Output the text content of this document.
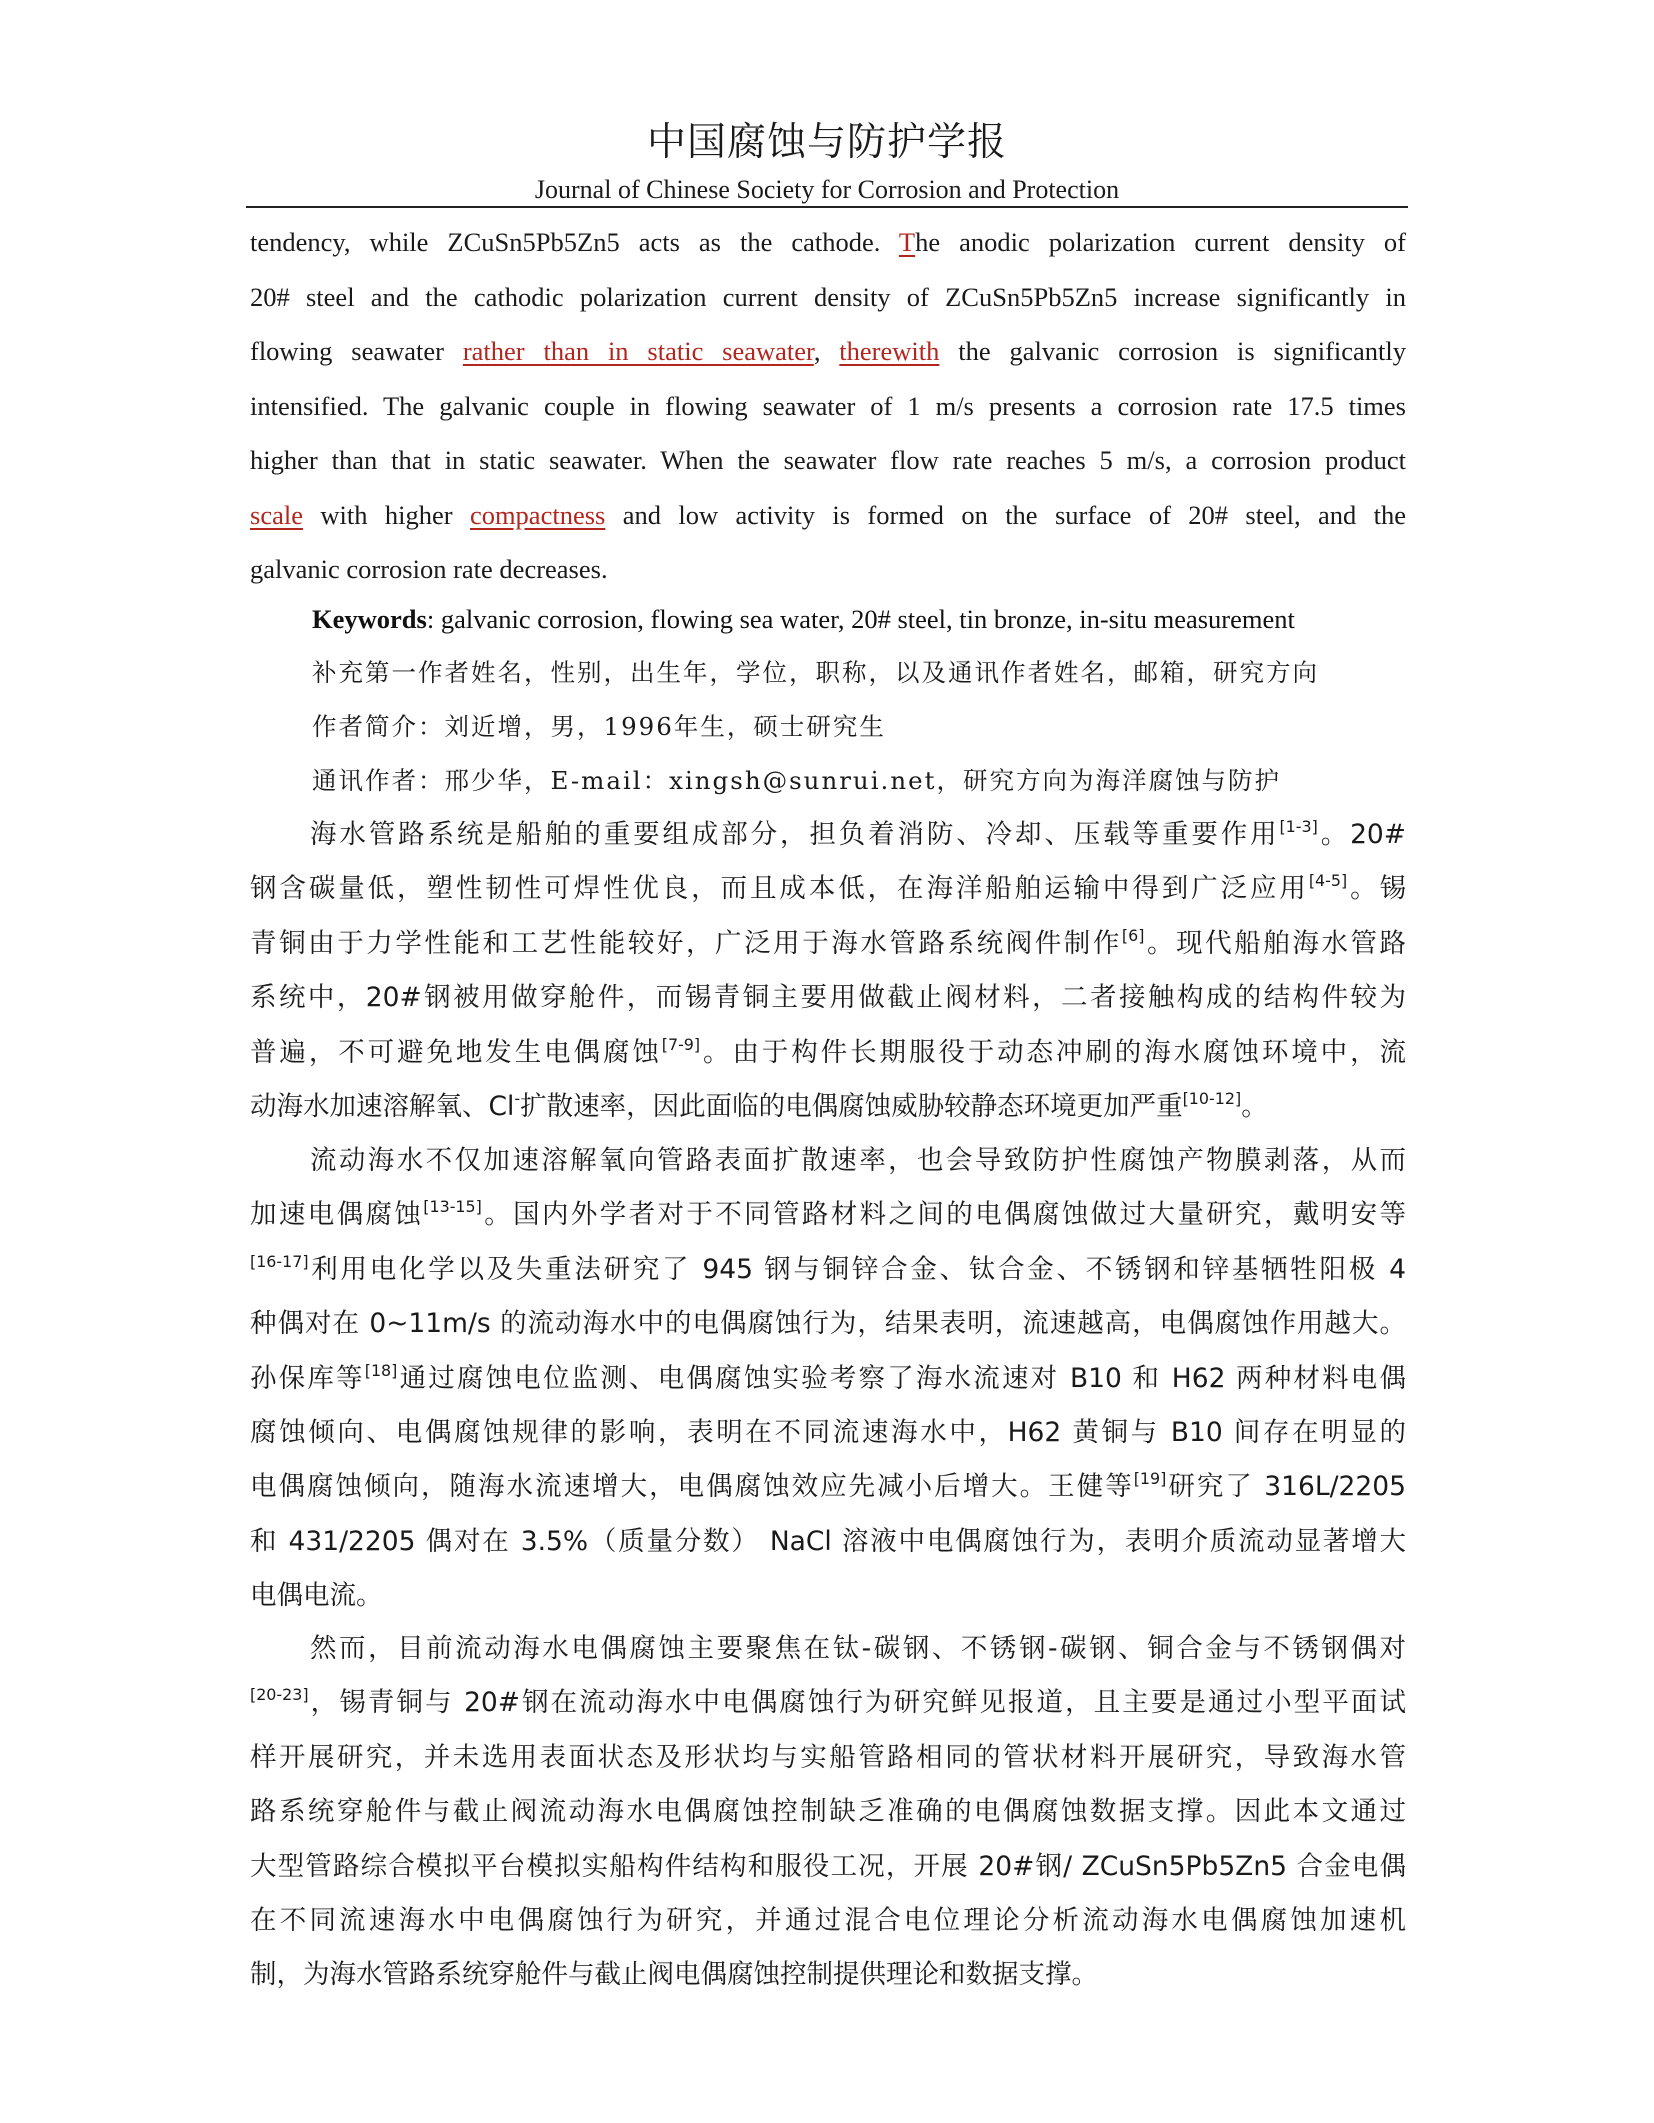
中国腐蚀与防护学报
Journal of Chinese Society for Corrosion and Protection
tendency, while ZCuSn5Pb5Zn5 acts as the cathode. The anodic polarization current density of
20# steel and the cathodic polarization current density of ZCuSn5Pb5Zn5 increase significantly in
flowing seawater rather than in static seawater, therewith the galvanic corrosion is significantly
intensified. The galvanic couple in flowing seawater of 1 m/s presents a corrosion rate 17.5 times
higher than that in static seawater. When the seawater flow rate reaches 5 m/s, a corrosion product
scale with higher compactness and low activity is formed on the surface of 20# steel, and the
galvanic corrosion rate decreases.
Keywords: galvanic corrosion, flowing sea water, 20# steel, tin bronze, in-situ measurement
补充第一作者姓名，性别，出生年，学位，职称，以及通讯作者姓名，邮箱，研究方向
作者简介：刘近增，男，1996年生，硕士研究生
通讯作者：邢少华，E-mail：xingsh@sunrui.net，研究方向为海洋腐蚀与防护
海水管路系统是船舶的重要组成部分，担负着消防、冷却、压载等重要作用[1-3]。20#
钢含碳量低，塑性韧性可焊性优良，而且成本低，在海洋船舶运输中得到广泛应用[4-5]。锡
青铜由于力学性能和工艺性能较好，广泛用于海水管路系统阀件制作[6]。现代船舶海水管路
系统中，20#钢被用做穿舱件，而锡青铜主要用做截止阀材料，二者接触构成的结构件较为
普遍，不可避免地发生电偶腐蚀[7-9]。由于构件长期服役于动态冲刷的海水腐蚀环境中，流
动海水加速溶解氧、Cl-扩散速率，因此面临的电偶腐蚀威胁较静态环境更加严重[10-12]。
流动海水不仅加速溶解氧向管路表面扩散速率，也会导致防护性腐蚀产物膜剥落，从而
加速电偶腐蚀[13-15]。国内外学者对于不同管路材料之间的电偶腐蚀做过大量研究，戴明安等
[16-17]利用电化学以及失重法研究了 945 钢与铜锌合金、钛合金、不锈钢和锌基牺牲阳极 4
种偶对在 0~11m/s 的流动海水中的电偶腐蚀行为，结果表明，流速越高，电偶腐蚀作用越大。
孙保库等[18]通过腐蚀电位监测、电偶腐蚀实验考察了海水流速对 B10 和 H62 两种材料电偶
腐蚀倾向、电偶腐蚀规律的影响，表明在不同流速海水中，H62 黄铜与 B10 间存在明显的
电偶腐蚀倾向，随海水流速增大，电偶腐蚀效应先减小后增大。王健等[19]研究了 316L/2205
和 431/2205 偶对在 3.5%（质量分数） NaCl 溶液中电偶腐蚀行为，表明介质流动显著增大
电偶电流。
然而，目前流动海水电偶腐蚀主要聚焦在钛-碳钢、不锈钢-碳钢、铜合金与不锈钢偶对
[20-23]，锡青铜与 20#钢在流动海水中电偶腐蚀行为研究鲜见报道，且主要是通过小型平面试
样开展研究，并未选用表面状态及形状均与实船管路相同的管状材料开展研究，导致海水管
路系统穿舱件与截止阀流动海水电偶腐蚀控制缺乏准确的电偶腐蚀数据支撑。因此本文通过
大型管路综合模拟平台模拟实船构件结构和服役工况，开展 20#钢/ ZCuSn5Pb5Zn5 合金电偶
在不同流速海水中电偶腐蚀行为研究，并通过混合电位理论分析流动海水电偶腐蚀加速机
制，为海水管路系统穿舱件与截止阀电偶腐蚀控制提供理论和数据支撑。
